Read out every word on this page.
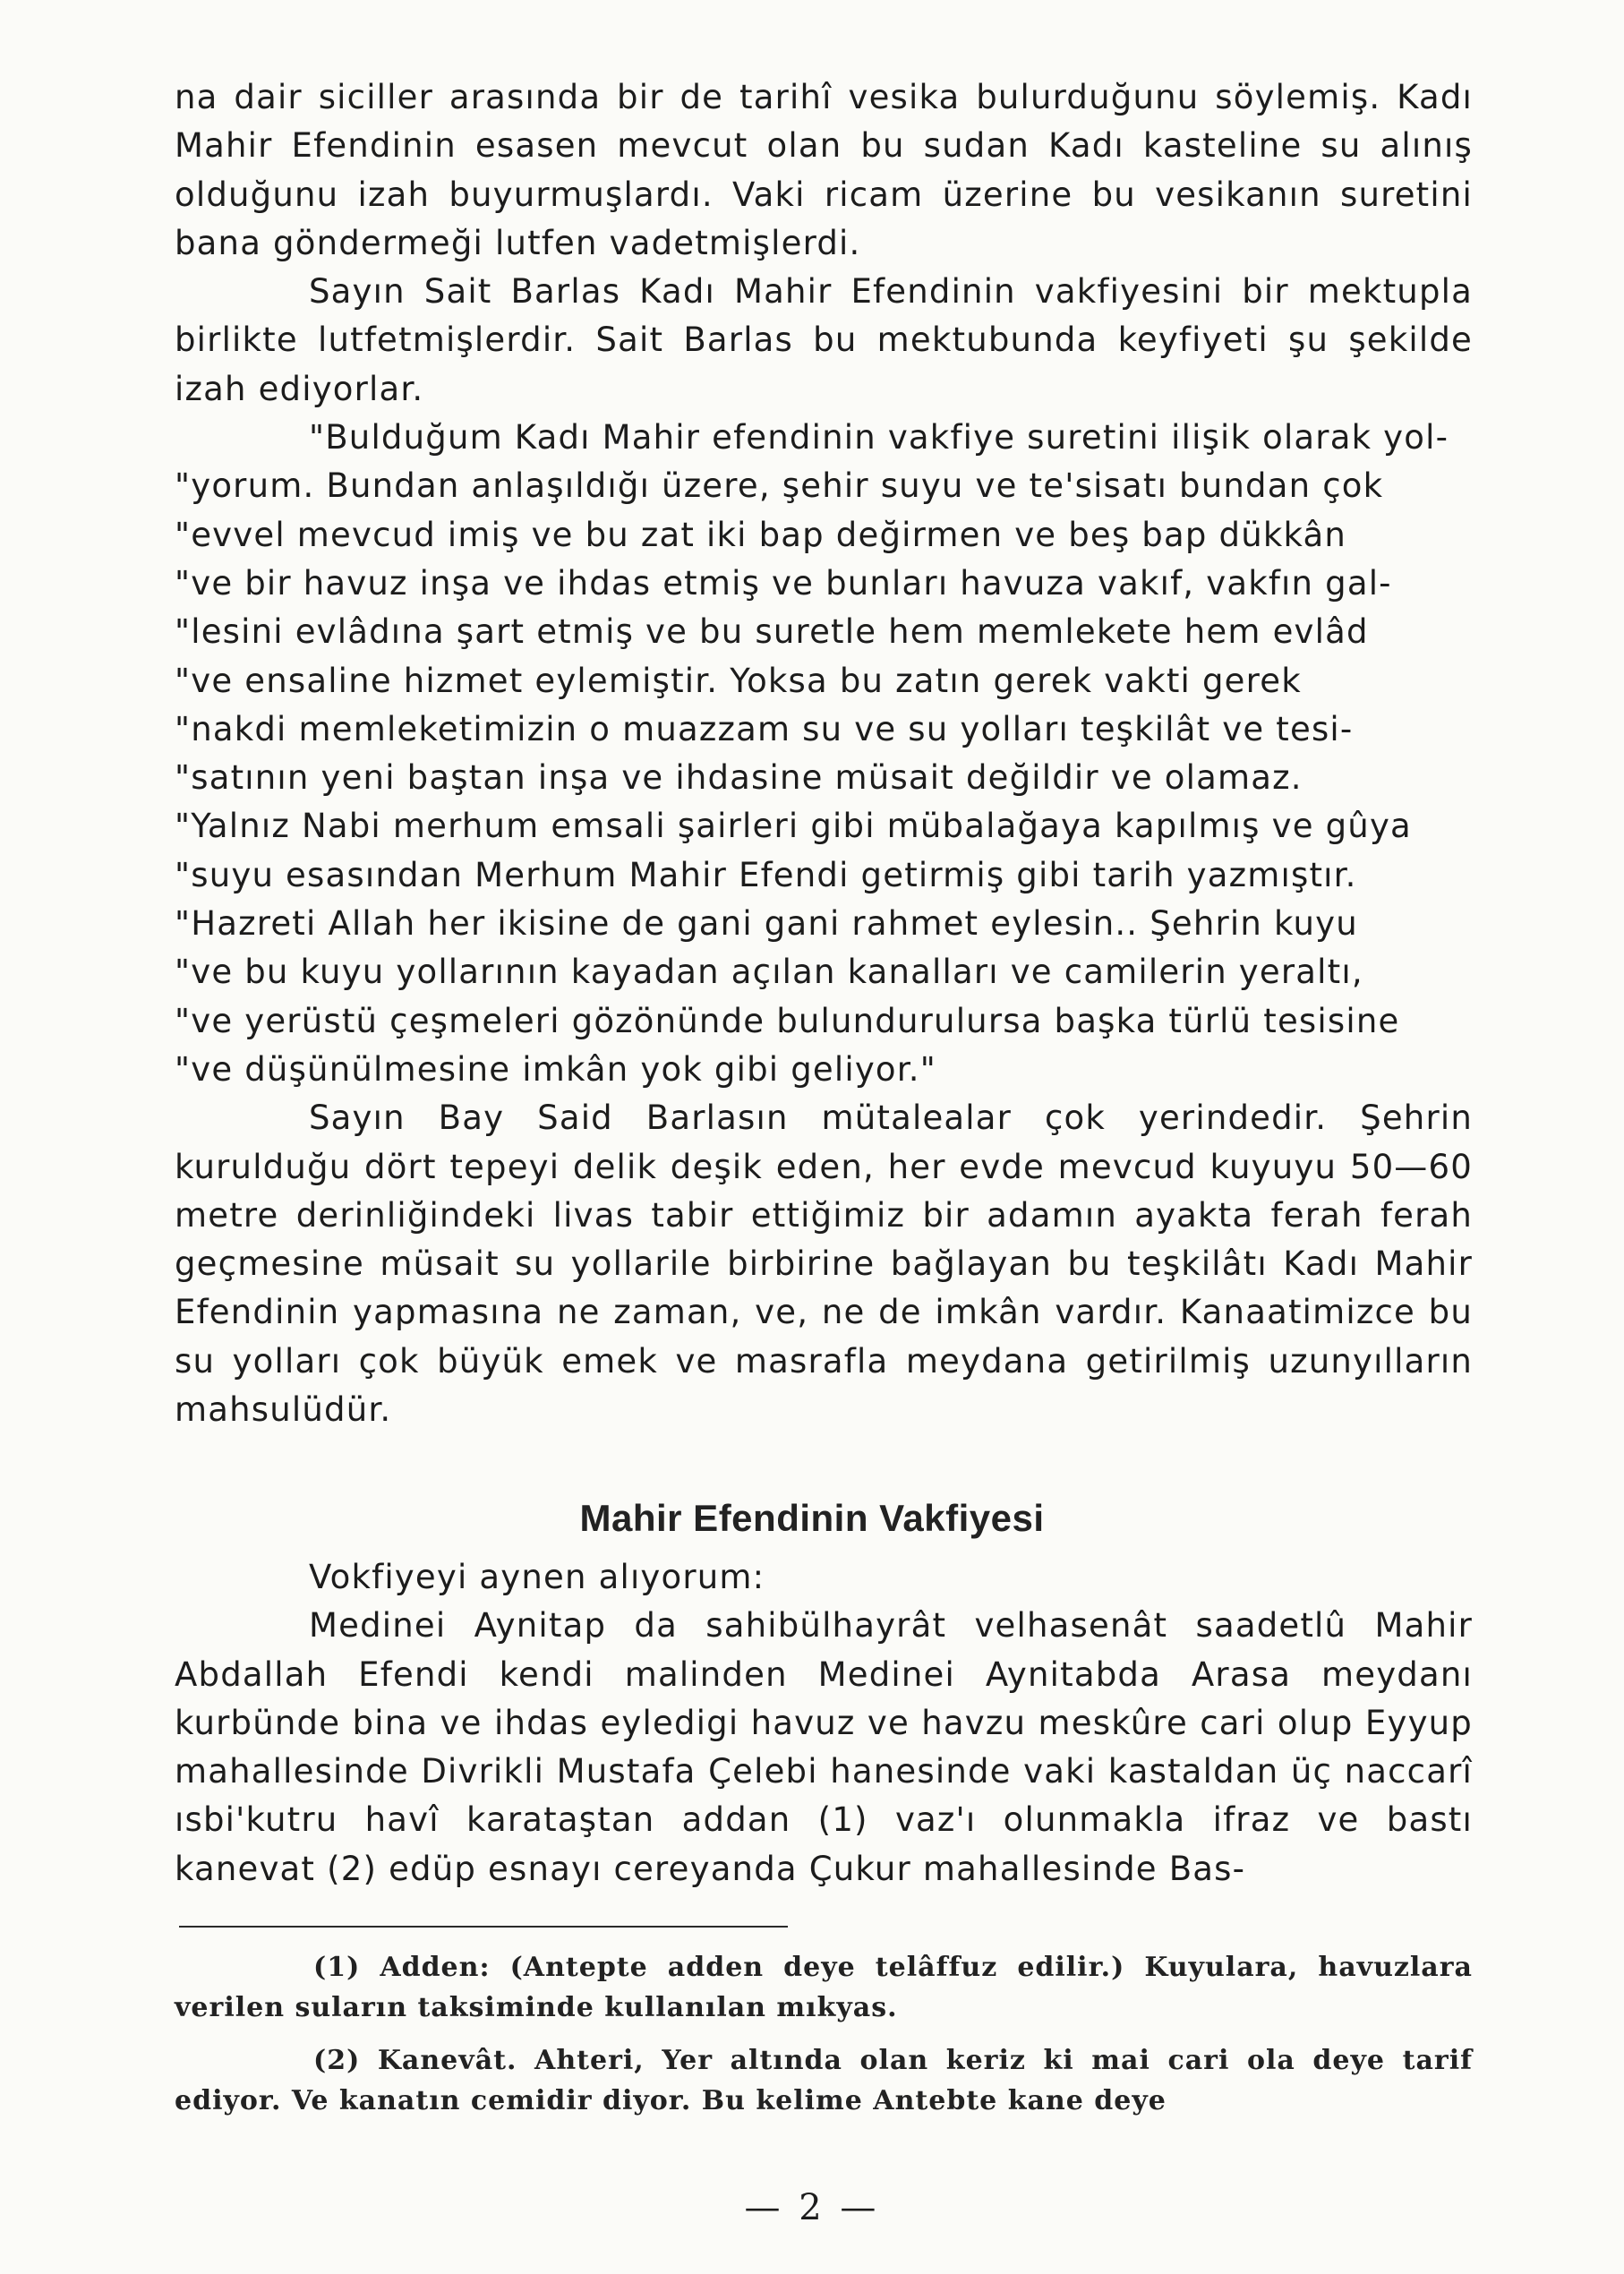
na dair siciller arasında bir de tarihî vesika bulurduğunu söylemiş. Kadı Mahir Efendinin esasen mevcut olan bu sudan Kadı kasteline su alınış olduğunu izah buyurmuşlardı. Vaki ricam üzerine bu vesikanın suretini bana göndermeği lutfen vadetmişlerdi.

Sayın Sait Barlas Kadı Mahir Efendinin vakfiyesini bir mektupla birlikte lutfetmişlerdir. Sait Barlas bu mektubunda keyfiyeti şu şekilde izah ediyorlar.

"Bulduğum Kadı Mahir efendinin vakfiye suretini ilişik olarak yol-

"yorum. Bundan anlaşıldığı üzere, şehir suyu ve te'sisatı bundan çok

"evvel mevcud imiş ve bu zat iki bap değirmen ve beş bap dükkân

"ve bir havuz inşa ve ihdas etmiş ve bunları havuza vakıf, vakfın gal-

"lesini evlâdına şart etmiş ve bu suretle hem memlekete hem evlâd

"ve ensaline hizmet eylemiştir. Yoksa bu zatın gerek vakti gerek

"nakdi memleketimizin o muazzam su ve su yolları teşkilât ve tesi-

"satının yeni baştan inşa ve ihdasine müsait değildir ve olamaz.

"Yalnız Nabi merhum emsali şairleri gibi mübalağaya kapılmış ve gûya

"suyu esasından Merhum Mahir Efendi getirmiş gibi tarih yazmıştır.

"Hazreti Allah her ikisine de gani gani rahmet eylesin.. Şehrin kuyu

"ve bu kuyu yollarının kayadan açılan kanalları ve camilerin yeraltı,

"ve yerüstü çeşmeleri gözönünde bulundurulursa başka türlü tesisine

"ve düşünülmesine imkân yok gibi geliyor."

Sayın Bay Said Barlasın mütalealar çok yerindedir. Şehrin kurulduğu dört tepeyi delik deşik eden, her evde mevcud kuyuyu 50—60 metre derinliğindeki livas tabir ettiğimiz bir adamın ayakta ferah ferah geçmesine müsait su yollarile birbirine bağlayan bu teşkilâtı Kadı Mahir Efendinin yapmasına ne zaman, ve, ne de imkân vardır. Kanaatimizce bu su yolları çok büyük emek ve masrafla meydana getirilmiş uzunyılların mahsulüdür.

Mahir Efendinin Vakfiyesi

Vokfiyeyi aynen alıyorum:

Medinei Aynitap da sahibülhayrât velhasenât saadetlû Mahir Abdallah Efendi kendi malinden Medinei Aynitabda Arasa meydanı kurbünde bina ve ihdas eyledigi havuz ve havzu meskûre cari olup Eyyup mahallesinde Divrikli Mustafa Çelebi hanesinde vaki kastaldan üç naccarî ısbi'kutru havî karataştan addan (1) vaz'ı olunmakla ifraz ve bastı kanevat (2) edüp esnayı cereyanda Çukur mahallesinde Bas-

(1) Adden: (Antepte adden deye telâffuz edilir.) Kuyulara, havuzlara verilen suların taksiminde kullanılan mıkyas.

(2) Kanevât. Ahteri, Yer altında olan keriz ki mai cari ola deye tarif ediyor. Ve kanatın cemidir diyor. Bu kelime Antebte kane deye

— 2 —
